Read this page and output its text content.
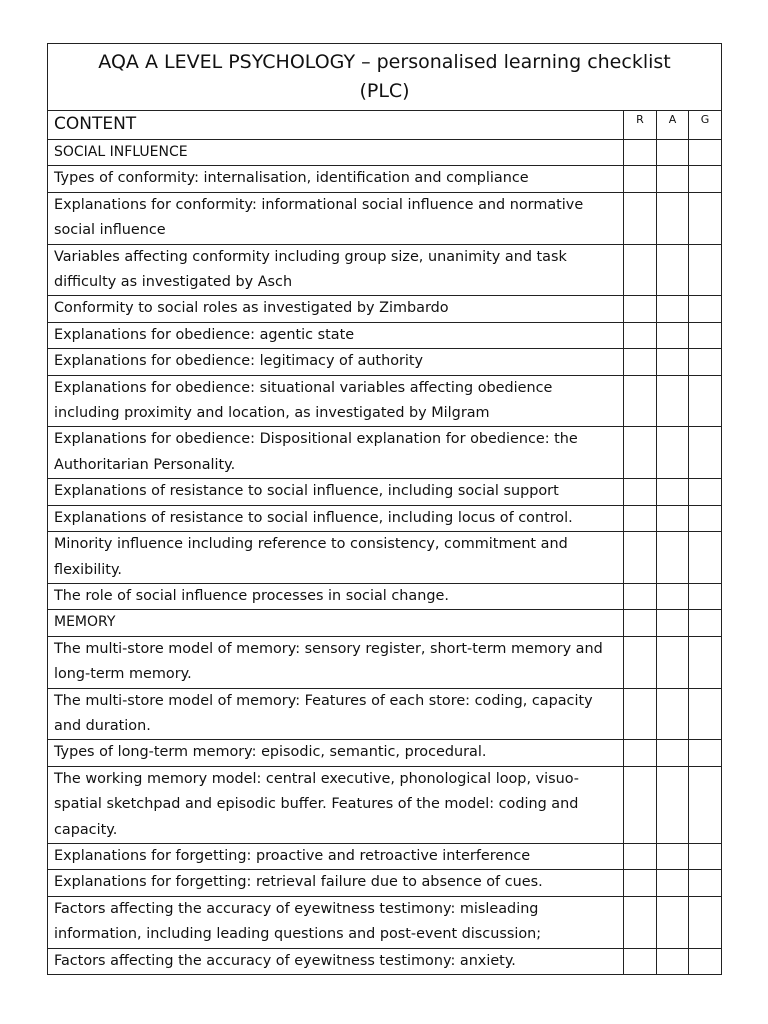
AQA A LEVEL PSYCHOLOGY – personalised learning checklist (PLC)			

CONTENT	R	A	G
SOCIAL INFLUENCE			
Types of conformity: internalisation, identification and compliance			
Explanations for conformity: informational social influence and normative social influence			
Variables affecting conformity including group size, unanimity and task difficulty as investigated by Asch			
Conformity to social roles as investigated by Zimbardo			
Explanations for obedience: agentic state			
Explanations for obedience: legitimacy of authority			
Explanations for obedience: situational variables affecting obedience including proximity and location, as investigated by Milgram			
Explanations for obedience: Dispositional explanation for obedience: the Authoritarian Personality.			
Explanations of resistance to social influence, including social support			
Explanations of resistance to social influence, including locus of control.			
Minority influence including reference to consistency, commitment and flexibility.			
The role of social influence processes in social change.			
MEMORY			
The multi-store model of memory: sensory register, short-term memory and long-term memory.			
The multi-store model of memory: Features of each store: coding, capacity and duration.			
Types of long-term memory: episodic, semantic, procedural.			
The working memory model: central executive, phonological loop, visuo-spatial sketchpad and episodic buffer. Features of the model: coding and capacity.			
Explanations for forgetting: proactive and retroactive interference			
Explanations for forgetting: retrieval failure due to absence of cues.			
Factors affecting the accuracy of eyewitness testimony: misleading information, including leading questions and post-event discussion;			
Factors affecting the accuracy of eyewitness testimony: anxiety.			
